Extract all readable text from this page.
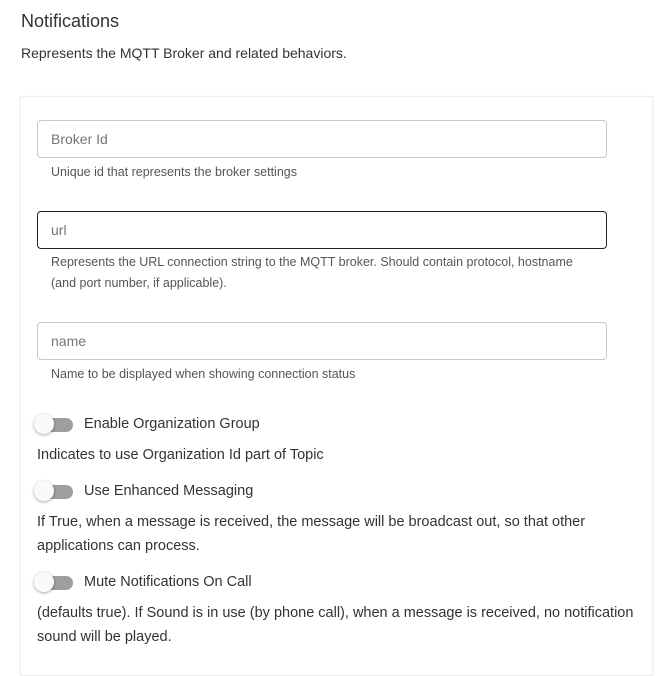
Notifications

Represents the MQTT Broker and related behaviors.

Broker Id
Unique id that represents the broker settings
url
Represents the URL connection string to the MQTT broker. Should contain protocol, hostname (and port number, if applicable).
name
Name to be displayed when showing connection status
Enable Organization Group
Indicates to use Organization Id part of Topic
Use Enhanced Messaging
If True, when a message is received, the message will be broadcast out, so that other applications can process.
Mute Notifications On Call
(defaults true). If Sound is in use (by phone call), when a message is received, no notification sound will be played.
